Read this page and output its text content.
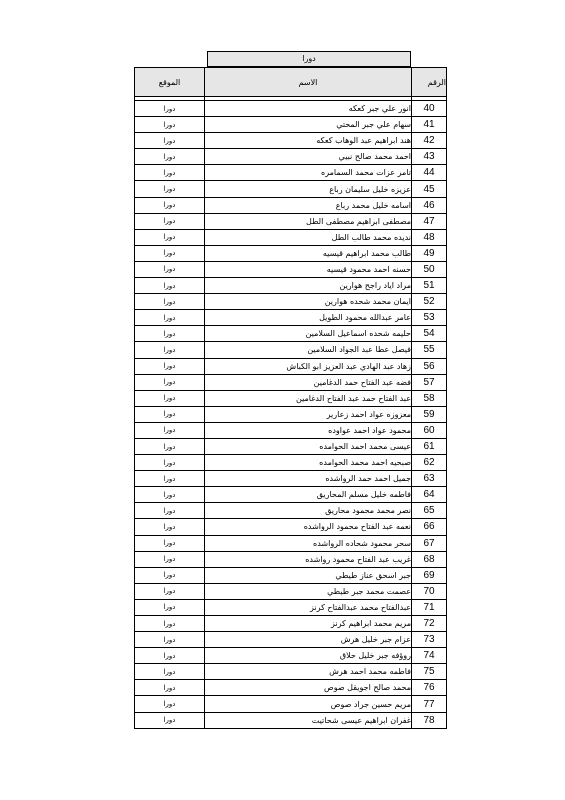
دورا
الموقع	الاسم	الرقم

دورا	انور علي جبر كعكه	40
دورا	سهام علي جبر المحتي	41
دورا	هند ابراهيم عبد الوهاب كعكه	42
دورا	احمد محمد صالح نبيي	43
دورا	تامر عزات محمد السمامره	44
دورا	عزيزه خليل سليمان رباع	45
دورا	اسامه خليل محمد رباع	46
دورا	مصطفى ابراهيم مصطفى الطل	47
دورا	نديده محمد طالب الطل	48
دورا	طالب محمد ابراهيم قيسيه	49
دورا	حسنه احمد محمود قيسيه	50
دورا	مراد اياد راجح هوارين	51
دورا	ايمان محمد شحده هوارين	52
دورا	عامر عبدالله محمود الطويل	53
دورا	حليمه شحده اسماعيل السلامين	54
دورا	فيصل عطا عبد الجواد السلامين	55
دورا	زهاد عبد الهادي عبد العزيز ابو الكباش	56
دورا	فضه عبد الفتاح حمد الدغامين	57
دورا	عبد الفتاح حمد عبد الفتاح الدغامين	58
دورا	معزوزه عواد احمد زعارير	59
دورا	محمود عواد احمد عواوده	60
دورا	عيسى محمد احمد الحوامده	61
دورا	صبحيه احمد محمد الحوامده	62
دورا	جميل احمد حمد الرواشده	63
دورا	فاطمه خليل مسلم المحاريق	64
دورا	نصر محمد محمود محاريق	65
دورا	نعمه عبد الفتاح محمود الرواشده	66
دورا	سحر محمود شحاده الرواشده	67
دورا	غريب عبد الفتاح محمود رواشده	68
دورا	جبر اسحق عناز طيطي	69
دورا	عصمت محمد جبر طيطي	70
دورا	عبدالفتاح محمد عبدالفتاح كرنز	71
دورا	مريم محمد ابراهيم كرنز	72
دورا	عزام جبر خليل هرش	73
دورا	روؤفه جبر خليل حلاق	74
دورا	فاطمه محمد احمد هرش	75
دورا	محمد صالح اجويقل صوص	76
دورا	مريم حسين جراد صوص	77
دورا	غفران ابراهيم عيسى شحاتيت	78
